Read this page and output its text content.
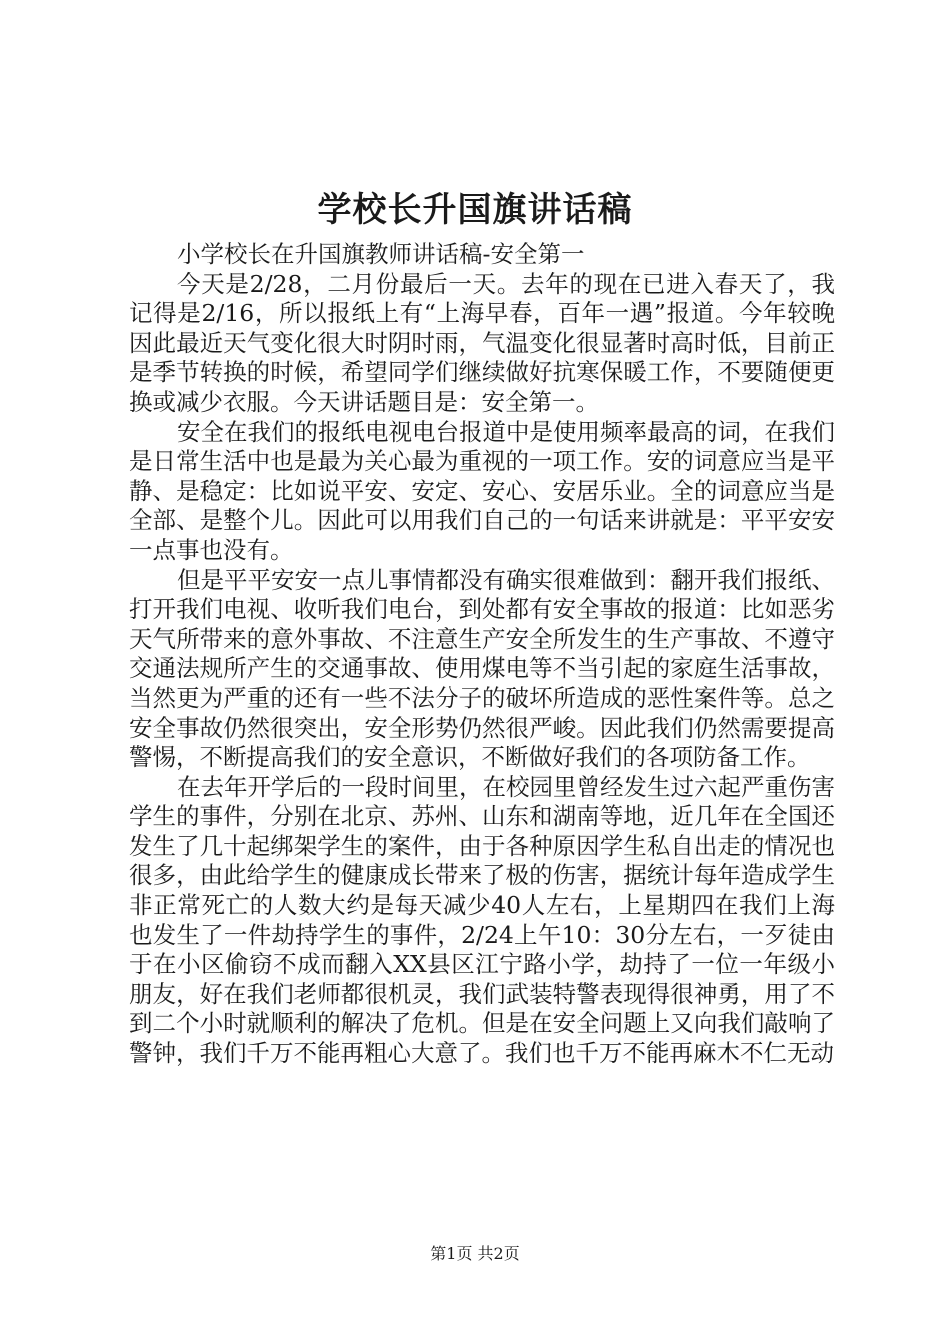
学校长升国旗讲话稿

小学校长在升国旗教师讲话稿-安全第一

今天是2/28，二月份最后一天。去年的现在已进入春天了，我记得是2/16，所以报纸上有“上海早春，百年一遇”报道。今年较晚因此最近天气变化很大时阴时雨，气温变化很显著时高时低，目前正是季节转换的时候，希望同学们继续做好抗寒保暖工作，不要随便更换或减少衣服。今天讲话题目是：安全第一。

安全在我们的报纸电视电台报道中是使用频率最高的词，在我们是日常生活中也是最为关心最为重视的一项工作。安的词意应当是平静、是稳定：比如说平安、安定、安心、安居乐业。全的词意应当是全部、是整个儿。因此可以用我们自己的一句话来讲就是：平平安安一点事也没有。

但是平平安安一点儿事情都没有确实很难做到：翻开我们报纸、打开我们电视、收听我们电台，到处都有安全事故的报道：比如恶劣天气所带来的意外事故、不注意生产安全所发生的生产事故、不遵守交通法规所产生的交通事故、使用煤电等不当引起的家庭生活事故，当然更为严重的还有一些不法分子的破坏所造成的恶性案件等。总之安全事故仍然很突出，安全形势仍然很严峻。因此我们仍然需要提高警惕，不断提高我们的安全意识，不断做好我们的各项防备工作。

在去年开学后的一段时间里，在校园里曾经发生过六起严重伤害学生的事件，分别在北京、苏州、山东和湖南等地，近几年在全国还发生了几十起绑架学生的案件，由于各种原因学生私自出走的情况也很多，由此给学生的健康成长带来了极的伤害，据统计每年造成学生非正常死亡的人数大约是每天减少40人左右，上星期四在我们上海也发生了一件劫持学生的事件，2/24上午10：30分左右，一歹徒由于在小区偷窃不成而翻入XX县区江宁路小学，劫持了一位一年级小朋友，好在我们老师都很机灵，我们武装特警表现得很神勇，用了不到二个小时就顺利的解决了危机。但是在安全问题上又向我们敲响了警钟，我们千万不能再粗心大意了。我们也千万不能再麻木不仁无动

第1页 共2页
